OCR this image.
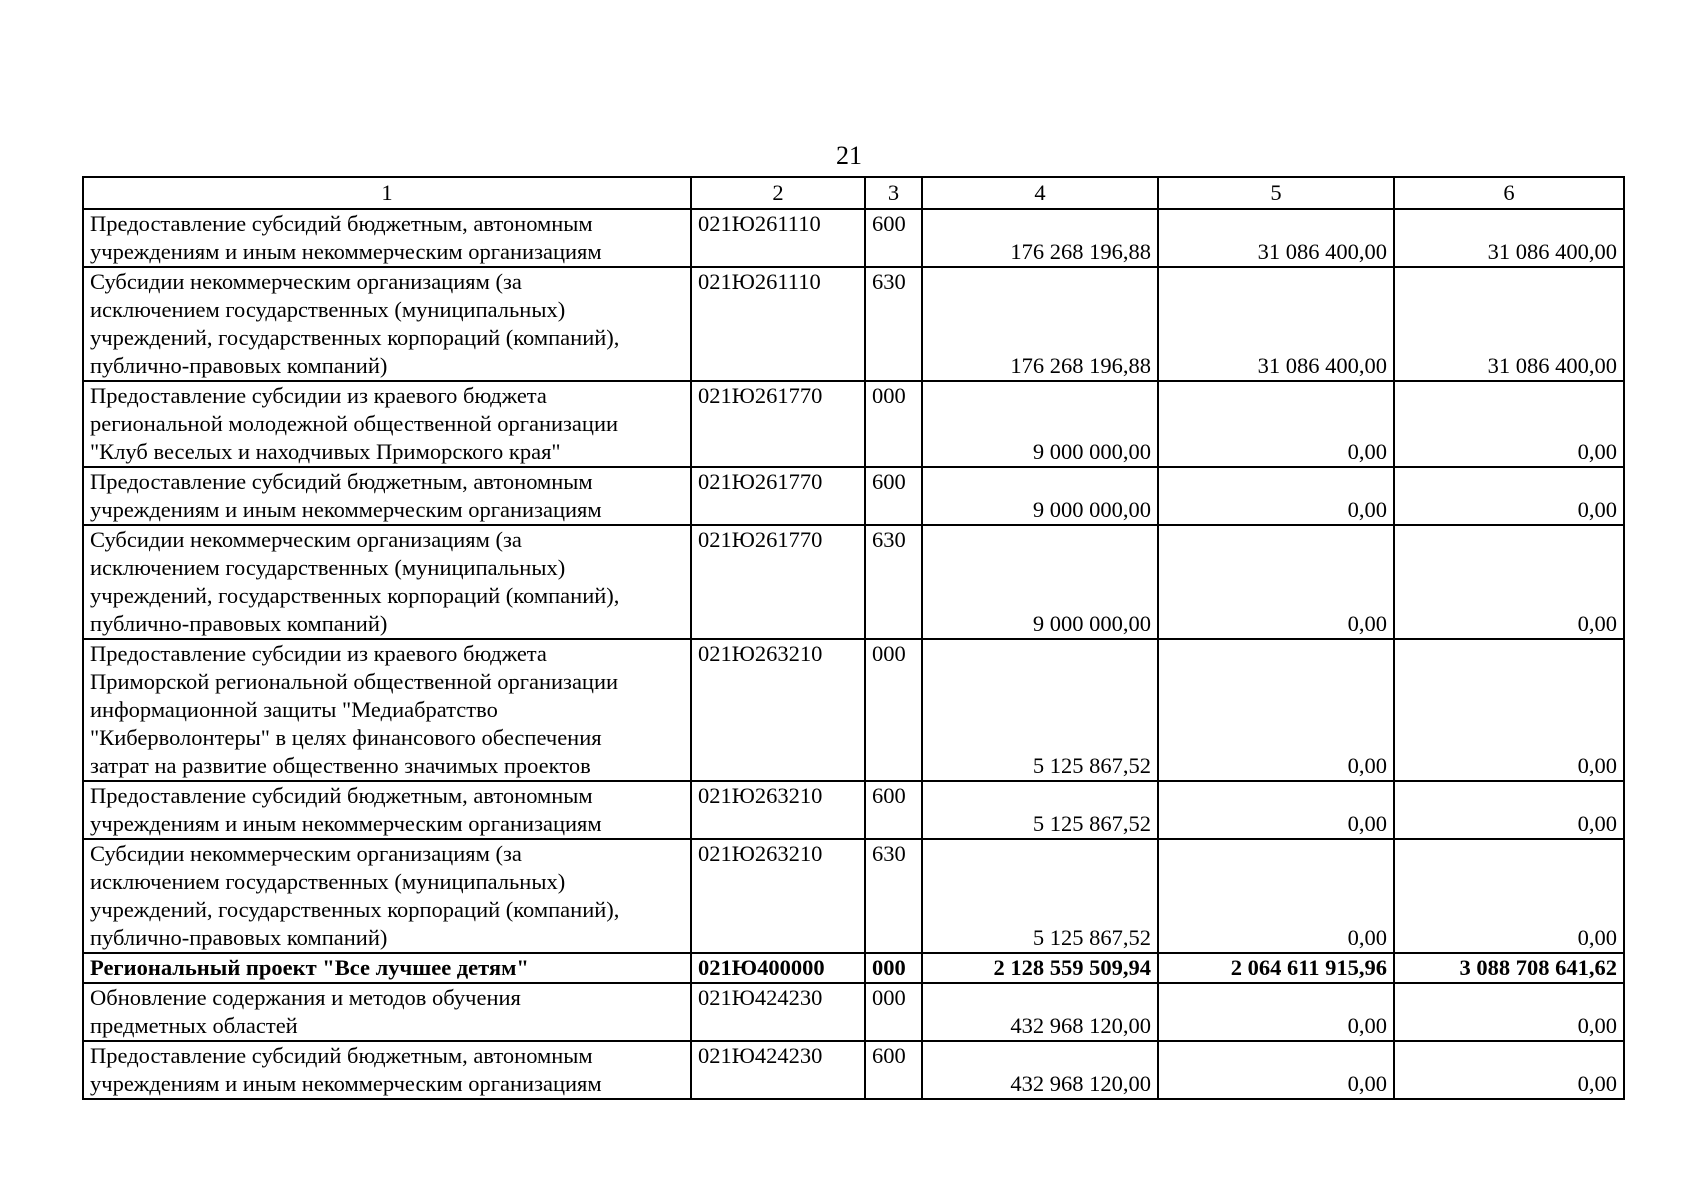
21
1	2	3	4	5	6

Предоставление субсидий бюджетным, автономным
учреждениям и иным некоммерческим организациям	021Ю261110	600	176 268 196,88	31 086 400,00	31 086 400,00

Субсидии некоммерческим организациям (за
исключением государственных (муниципальных)
учреждений, государственных корпораций (компаний),
публично-правовых компаний)	021Ю261110	630	176 268 196,88	31 086 400,00	31 086 400,00

Предоставление субсидии из краевого бюджета
региональной молодежной общественной организации
"Клуб веселых и находчивых Приморского края"	021Ю261770	000	9 000 000,00	0,00	0,00

Предоставление субсидий бюджетным, автономным
учреждениям и иным некоммерческим организациям	021Ю261770	600	9 000 000,00	0,00	0,00

Субсидии некоммерческим организациям (за
исключением государственных (муниципальных)
учреждений, государственных корпораций (компаний),
публично-правовых компаний)	021Ю261770	630	9 000 000,00	0,00	0,00

Предоставление субсидии из краевого бюджета
Приморской региональной общественной организации
информационной защиты "Медиабратство
"Киберволонтеры" в целях финансового обеспечения
затрат на развитие общественно значимых проектов	021Ю263210	000	5 125 867,52	0,00	0,00

Предоставление субсидий бюджетным, автономным
учреждениям и иным некоммерческим организациям	021Ю263210	600	5 125 867,52	0,00	0,00

Субсидии некоммерческим организациям (за
исключением государственных (муниципальных)
учреждений, государственных корпораций (компаний),
публично-правовых компаний)	021Ю263210	630	5 125 867,52	0,00	0,00

Региональный проект "Все лучшее детям"	021Ю400000	000	2 128 559 509,94	2 064 611 915,96	3 088 708 641,62

Обновление содержания и методов обучения
предметных областей	021Ю424230	000	432 968 120,00	0,00	0,00

Предоставление субсидий бюджетным, автономным
учреждениям и иным некоммерческим организациям	021Ю424230	600	432 968 120,00	0,00	0,00
